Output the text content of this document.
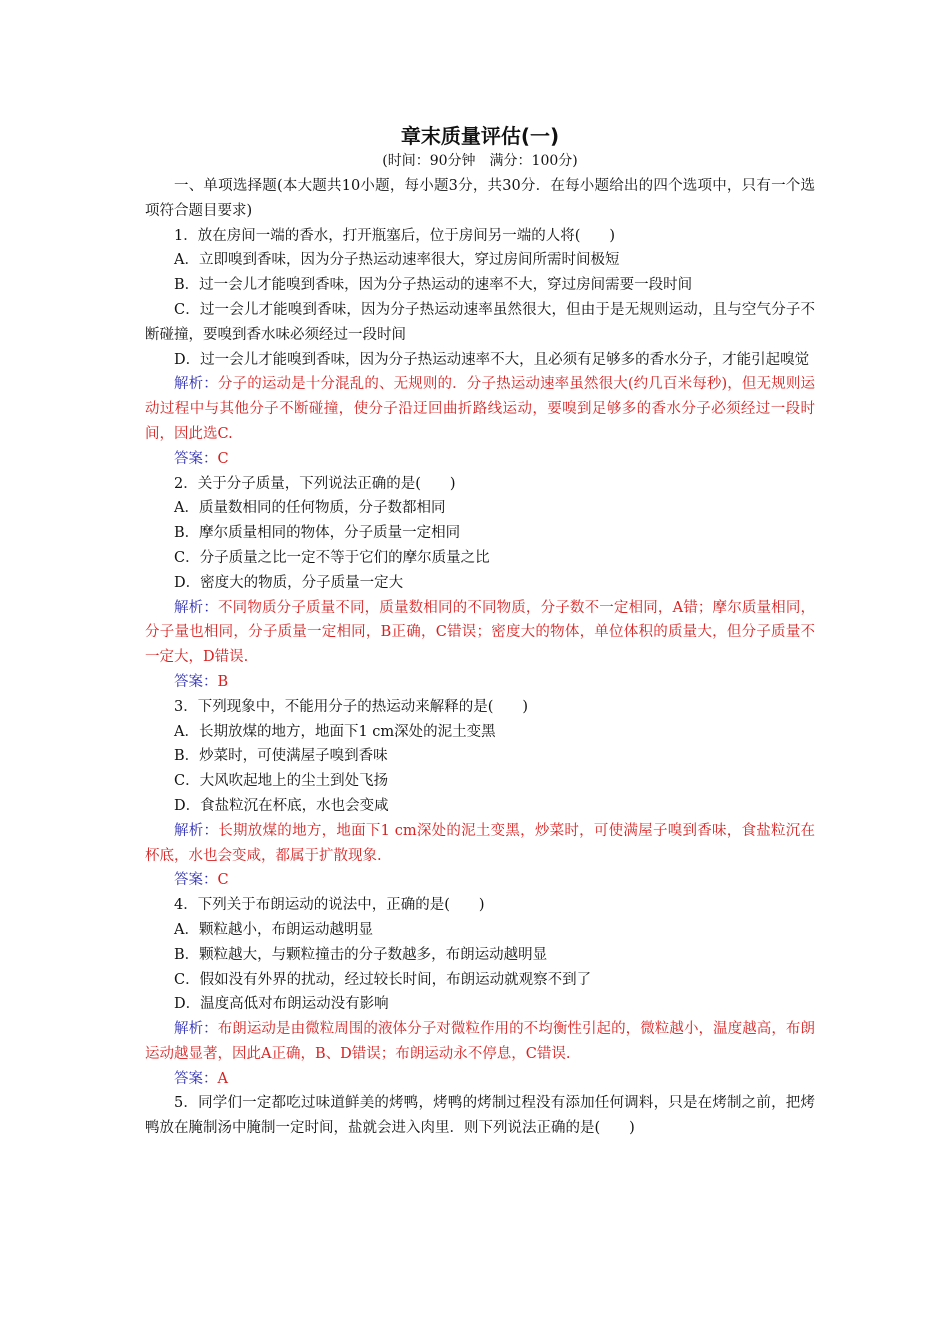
章末质量评估(一)

(时间：90分钟　满分：100分)

一、单项选择题(本大题共10小题，每小题3分，共30分．在每小题给出的四个选项中，只有一个选项符合题目要求)

1．放在房间一端的香水，打开瓶塞后，位于房间另一端的人将(　　)

A．立即嗅到香味，因为分子热运动速率很大，穿过房间所需时间极短

B．过一会儿才能嗅到香味，因为分子热运动的速率不大，穿过房间需要一段时间

C．过一会儿才能嗅到香味，因为分子热运动速率虽然很大，但由于是无规则运动，且与空气分子不断碰撞，要嗅到香水味必须经过一段时间

D．过一会儿才能嗅到香味，因为分子热运动速率不大，且必须有足够多的香水分子，才能引起嗅觉

解析：分子的运动是十分混乱的、无规则的．分子热运动速率虽然很大(约几百米每秒)，但无规则运动过程中与其他分子不断碰撞，使分子沿迂回曲折路线运动，要嗅到足够多的香水分子必须经过一段时间，因此选C.

答案：C

2．关于分子质量，下列说法正确的是(　　)

A．质量数相同的任何物质，分子数都相同

B．摩尔质量相同的物体，分子质量一定相同

C．分子质量之比一定不等于它们的摩尔质量之比

D．密度大的物质，分子质量一定大

解析：不同物质分子质量不同，质量数相同的不同物质，分子数不一定相同，A错；摩尔质量相同，分子量也相同，分子质量一定相同，B正确，C错误；密度大的物体，单位体积的质量大，但分子质量不一定大，D错误.

答案：B

3．下列现象中，不能用分子的热运动来解释的是(　　)

A．长期放煤的地方，地面下1 cm深处的泥土变黑

B．炒菜时，可使满屋子嗅到香味

C．大风吹起地上的尘土到处飞扬

D．食盐粒沉在杯底，水也会变咸

解析：长期放煤的地方，地面下1 cm深处的泥土变黑，炒菜时，可使满屋子嗅到香味，食盐粒沉在杯底，水也会变咸，都属于扩散现象.

答案：C

4．下列关于布朗运动的说法中，正确的是(　　)

A．颗粒越小，布朗运动越明显

B．颗粒越大，与颗粒撞击的分子数越多，布朗运动越明显

C．假如没有外界的扰动，经过较长时间，布朗运动就观察不到了

D．温度高低对布朗运动没有影响

解析：布朗运动是由微粒周围的液体分子对微粒作用的不均衡性引起的，微粒越小，温度越高，布朗运动越显著，因此A正确，B、D错误；布朗运动永不停息，C错误.

答案：A

5．同学们一定都吃过味道鲜美的烤鸭，烤鸭的烤制过程没有添加任何调料，只是在烤制之前，把烤鸭放在腌制汤中腌制一定时间，盐就会进入肉里．则下列说法正确的是(　　)
